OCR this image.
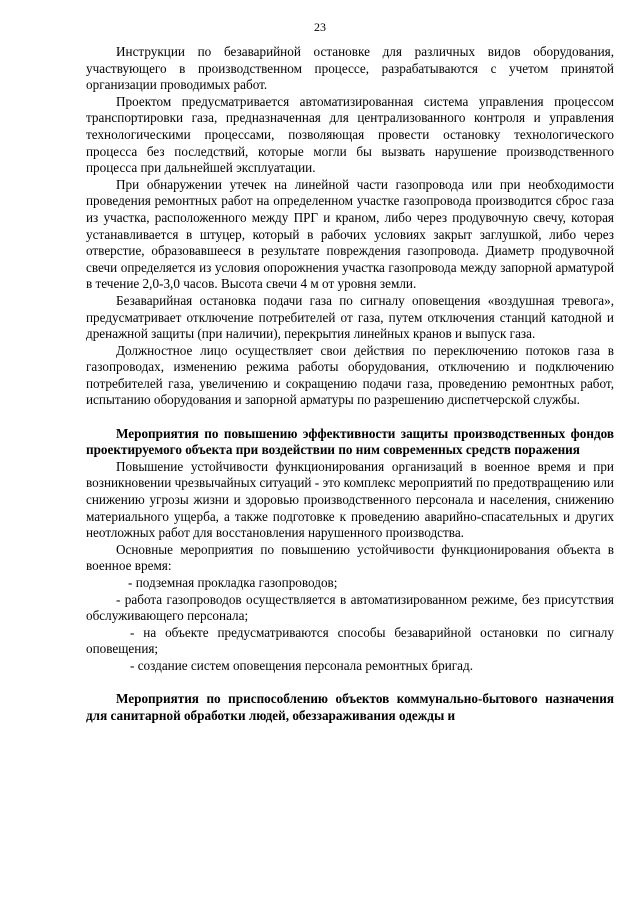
23

Инструкции по безаварийной остановке для различных видов оборудования, участвующего в производственном процессе, разрабатываются с учетом принятой организации проводимых работ.

Проектом предусматривается автоматизированная система управления процессом транспортировки газа, предназначенная для централизованного контроля и управления технологическими процессами, позволяющая провести остановку технологического процесса без последствий, которые могли бы вызвать нарушение производственного процесса при дальнейшей эксплуатации.

При обнаружении утечек на линейной части газопровода или при необходимости проведения ремонтных работ на определенном участке газопровода производится сброс газа из участка, расположенного между ПРГ и краном, либо через продувочную свечу, которая устанавливается в штуцер, который в рабочих условиях закрыт заглушкой, либо через отверстие, образовавшееся в результате повреждения газопровода. Диаметр продувочной свечи определяется из условия опорожнения участка газопровода между запорной арматурой в течение 2,0-3,0 часов. Высота свечи 4 м от уровня земли.

Безаварийная остановка подачи газа по сигналу оповещения «воздушная тревога», предусматривает отключение потребителей от газа, путем отключения станций катодной и дренажной защиты (при наличии), перекрытия линейных кранов и выпуск газа.

Должностное лицо осуществляет свои действия по переключению потоков газа в газопроводах, изменению режима работы оборудования, отключению и подключению потребителей газа, увеличению и сокращению подачи газа, проведению ремонтных работ, испытанию оборудования и запорной арматуры по разрешению диспетчерской службы.

Мероприятия по повышению эффективности защиты производственных фондов проектируемого объекта при воздействии по ним современных средств поражения

Повышение устойчивости функционирования организаций в военное время и при возникновении чрезвычайных ситуаций - это комплекс мероприятий по предотвращению или снижению угрозы жизни и здоровью производственного персонала и населения, снижению материального ущерба, а также подготовке к проведению аварийно-спасательных и других неотложных работ для восстановления нарушенного производства.

Основные мероприятия по повышению устойчивости функционирования объекта в военное время:

- подземная прокладка газопроводов;
- работа газопроводов осуществляется в автоматизированном режиме, без присутствия обслуживающего персонала;
- на объекте предусматриваются способы безаварийной остановки по сигналу оповещения;
- создание систем оповещения персонала ремонтных бригад.
Мероприятия по приспособлению объектов коммунально-бытового назначения для санитарной обработки людей, обеззараживания одежды и
